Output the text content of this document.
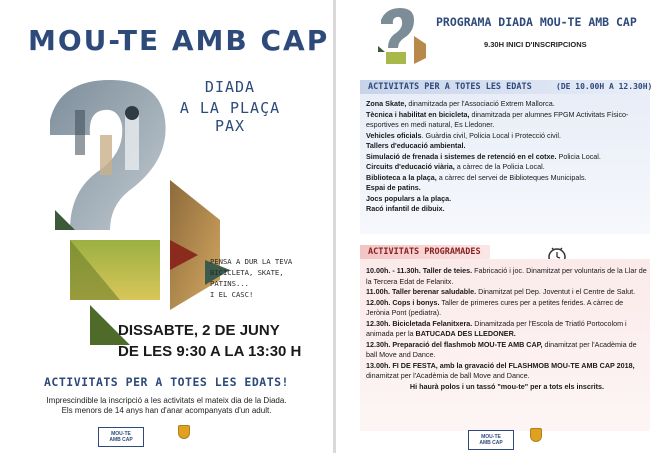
MOU-TE AMB CAP
DIADA
A LA PLAÇA PAX
PENSA A DUR LA TEVA
BICICLETA, SKATE, PATINS...
I EL CASC!
DISSABTE, 2 DE JUNY
DE LES 9:30 A LA 13:30 H
ACTIVITATS PER A TOTES LES EDATS!
Imprescindible la inscripció a les activitats el mateix dia de la Diada.
Els menors de 14 anys han d'anar acompanyats d'un adult.
MOU-TE
AMB CAP
PROGRAMA DIADA MOU-TE AMB CAP
9.30H INICI D'INSCRIPCIONS
ACTIVITATS PER A TOTES LES EDATS	(DE 10.00H A 12.30H)
Zona Skate, dinamitzada per l'Associació Extrem Mallorca.
Tècnica i habilitat en bicicleta, dinamitzada per alumnes FPGM Activitats Físico-esportives en medi natural, Es Lledoner.
Vehicles oficials. Guàrdia civil, Policia Local i Protecció civil.
Tallers d'educació ambiental.
Simulació de frenada i sistemes de retenció en el cotxe. Policia Local.
Circuits d'educació viària, a càrrec de la Policia Local.
Biblioteca a la plaça, a càrrec del servei de Biblioteques Municipals.
Espai de patins.
Jocs populars a la plaça.
Racó infantil de dibuix.
ACTIVITATS PROGRAMADES
10.00h. - 11.30h. Taller de teies. Fabricació i joc. Dinamitzat per voluntaris de la Llar de la Tercera Edat de Felanitx.
11.00h. Taller berenar saludable. Dinamitzat pel Dep. Joventut i el Centre de Salut.
12.00h. Cops i bonys. Taller de primeres cures per a petites ferides. A càrrec de Jerònia Pont (pediatra).
12.30h. Bicicletada Felanitxera. Dinamitzada per l'Escola de Triatló Portocolom i animada per la BATUCADA DES LLEDONER.
12.30h. Preparació del flashmob MOU-TE AMB CAP, dinamitzat per l'Acadèmia de ball Move and Dance.
13.00h. FI DE FESTA, amb la gravació del FLASHMOB MOU-TE AMB CAP 2018, dinamitzat per l'Acadèmia de ball Move and Dance.
Hi haurà polos i un tassó "mou-te" per a tots els inscrits.
MOU-TE
AMB CAP
